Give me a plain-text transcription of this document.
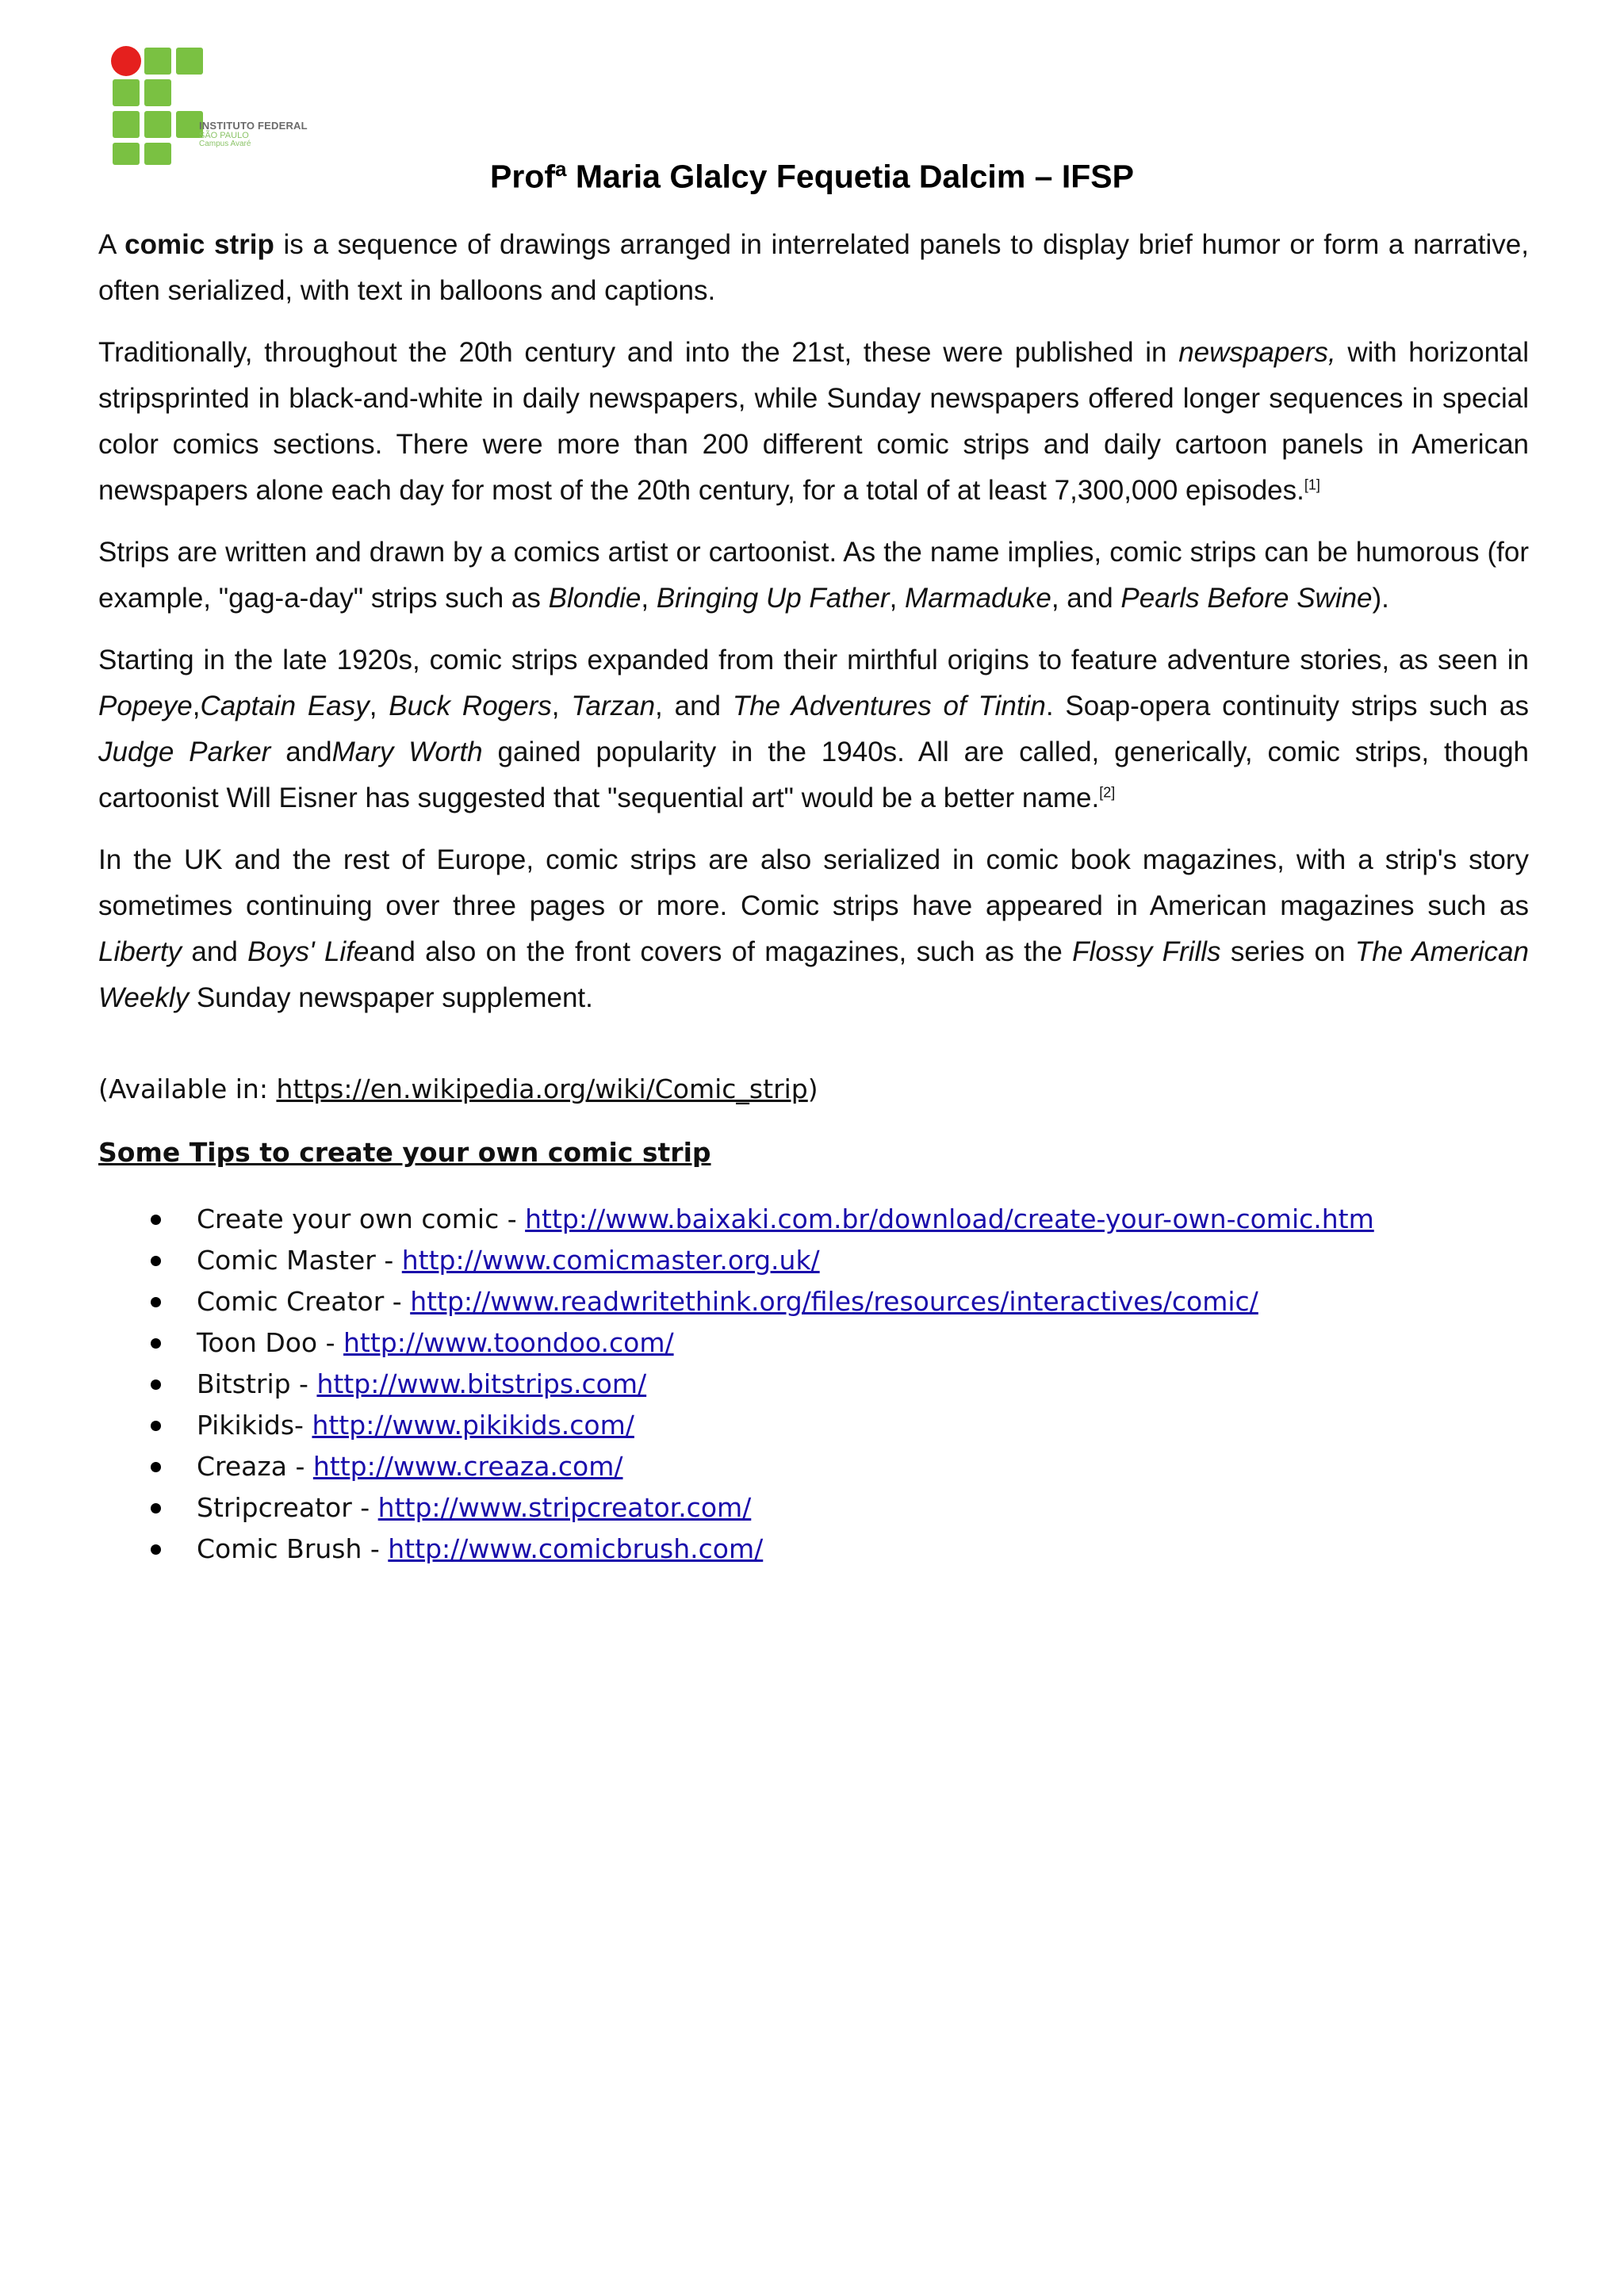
INSTITUTO FEDERAL
SÃO PAULO
Campus Avaré
Prof$^a$ Maria Glalcy Fequetia Dalcim – IFSP

A comic strip is a sequence of drawings arranged in interrelated panels to display brief humor or form a narrative, often serialized, with text in balloons and captions.

Traditionally, throughout the 20th century and into the 21st, these were published in newspapers, with horizontal stripsprinted in black-and-white in daily newspapers, while Sunday newspapers offered longer sequences in special color comics sections. There were more than 200 different comic strips and daily cartoon panels in American newspapers alone each day for most of the 20th century, for a total of at least 7,300,000 episodes.[1]

Strips are written and drawn by a comics artist or cartoonist. As the name implies, comic strips can be humorous (for example, "gag-a-day" strips such as Blondie, Bringing Up Father, Marmaduke, and Pearls Before Swine).

Starting in the late 1920s, comic strips expanded from their mirthful origins to feature adventure stories, as seen in Popeye,Captain Easy, Buck Rogers, Tarzan, and The Adventures of Tintin. Soap-opera continuity strips such as Judge Parker andMary Worth gained popularity in the 1940s. All are called, generically, comic strips, though cartoonist Will Eisner has suggested that "sequential art" would be a better name.[2]

In the UK and the rest of Europe, comic strips are also serialized in comic book magazines, with a strip's story sometimes continuing over three pages or more. Comic strips have appeared in American magazines such as Liberty and Boys' Lifeand also on the front covers of magazines, such as the Flossy Frills series on The American Weekly Sunday newspaper supplement.

(Available in: https://en.wikipedia.org/wiki/Comic_strip)
Some Tips to create your own comic strip
Create your own comic - http://www.baixaki.com.br/download/create-your-own-comic.htm
Comic Master - http://www.comicmaster.org.uk/
Comic Creator - http://www.readwritethink.org/files/resources/interactives/comic/
Toon Doo - http://www.toondoo.com/
Bitstrip - http://www.bitstrips.com/
Pikikids- http://www.pikikids.com/
Creaza - http://www.creaza.com/
Stripcreator - http://www.stripcreator.com/
Comic Brush - http://www.comicbrush.com/
